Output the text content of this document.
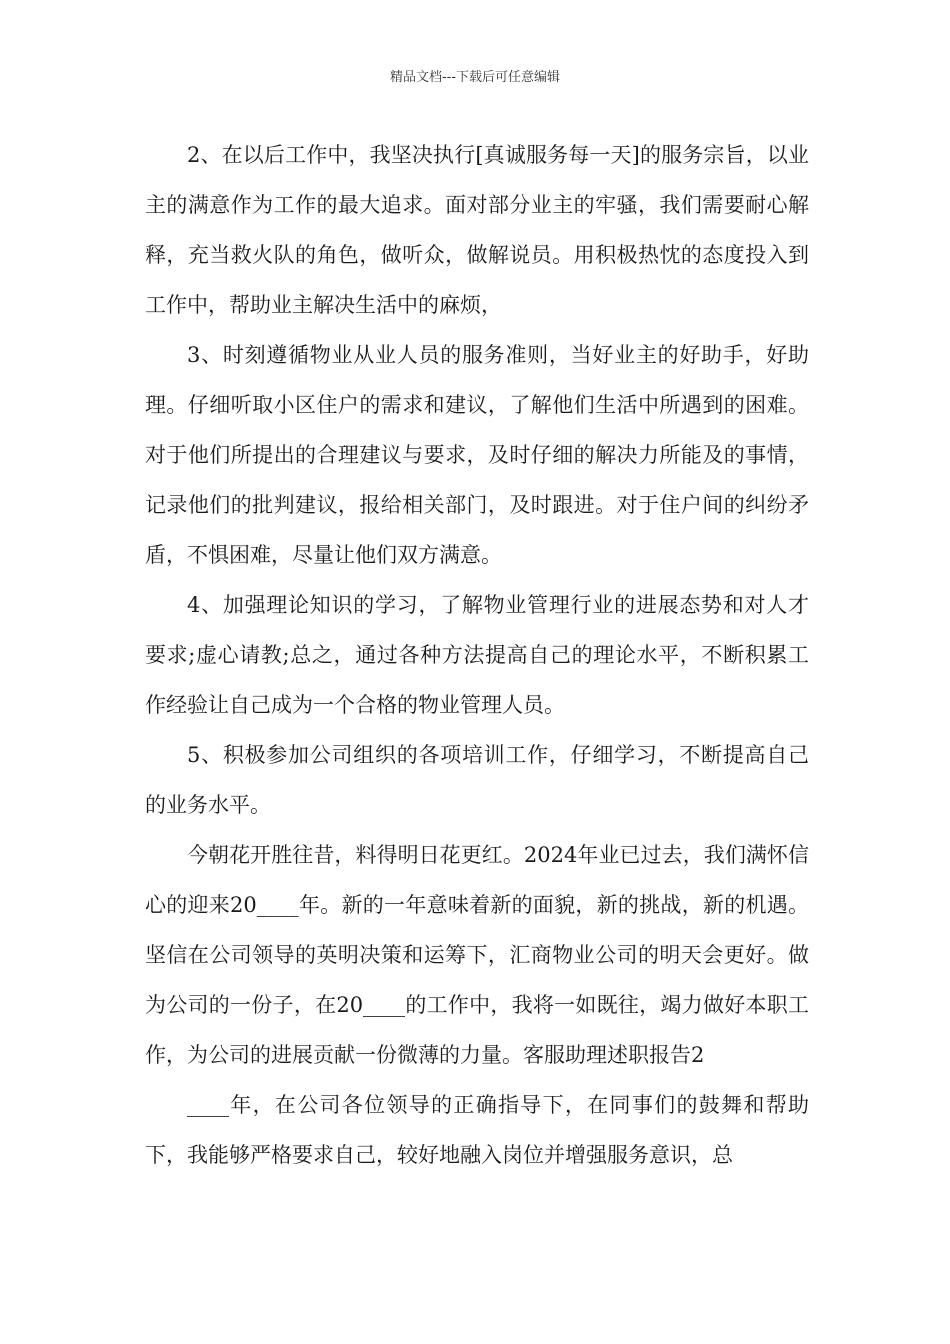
精品文档---下载后可任意编辑

2、在以后工作中，我坚决执行[真诚服务每一天]的服务宗旨，以业主的满意作为工作的最大追求。面对部分业主的牢骚，我们需要耐心解释，充当救火队的角色，做听众，做解说员。用积极热忱的态度投入到工作中，帮助业主解决生活中的麻烦，

3、时刻遵循物业从业人员的服务准则，当好业主的好助手，好助理。仔细听取小区住户的需求和建议，了解他们生活中所遇到的困难。对于他们所提出的合理建议与要求，及时仔细的解决力所能及的事情，记录他们的批判建议，报给相关部门，及时跟进。对于住户间的纠纷矛盾，不惧困难，尽量让他们双方满意。

4、加强理论知识的学习，了解物业管理行业的进展态势和对人才要求;虚心请教;总之，通过各种方法提高自己的理论水平，不断积累工作经验让自己成为一个合格的物业管理人员。

5、积极参加公司组织的各项培训工作，仔细学习，不断提高自己的业务水平。

今朝花开胜往昔，料得明日花更红。2024年业已过去，我们满怀信心的迎来20____年。新的一年意味着新的面貌，新的挑战，新的机遇。坚信在公司领导的英明决策和运筹下，汇商物业公司的明天会更好。做为公司的一份子，在20____的工作中，我将一如既往，竭力做好本职工作，为公司的进展贡献一份微薄的力量。客服助理述职报告2

____年，在公司各位领导的正确指导下，在同事们的鼓舞和帮助下，我能够严格要求自己，较好地融入岗位并增强服务意识，总
